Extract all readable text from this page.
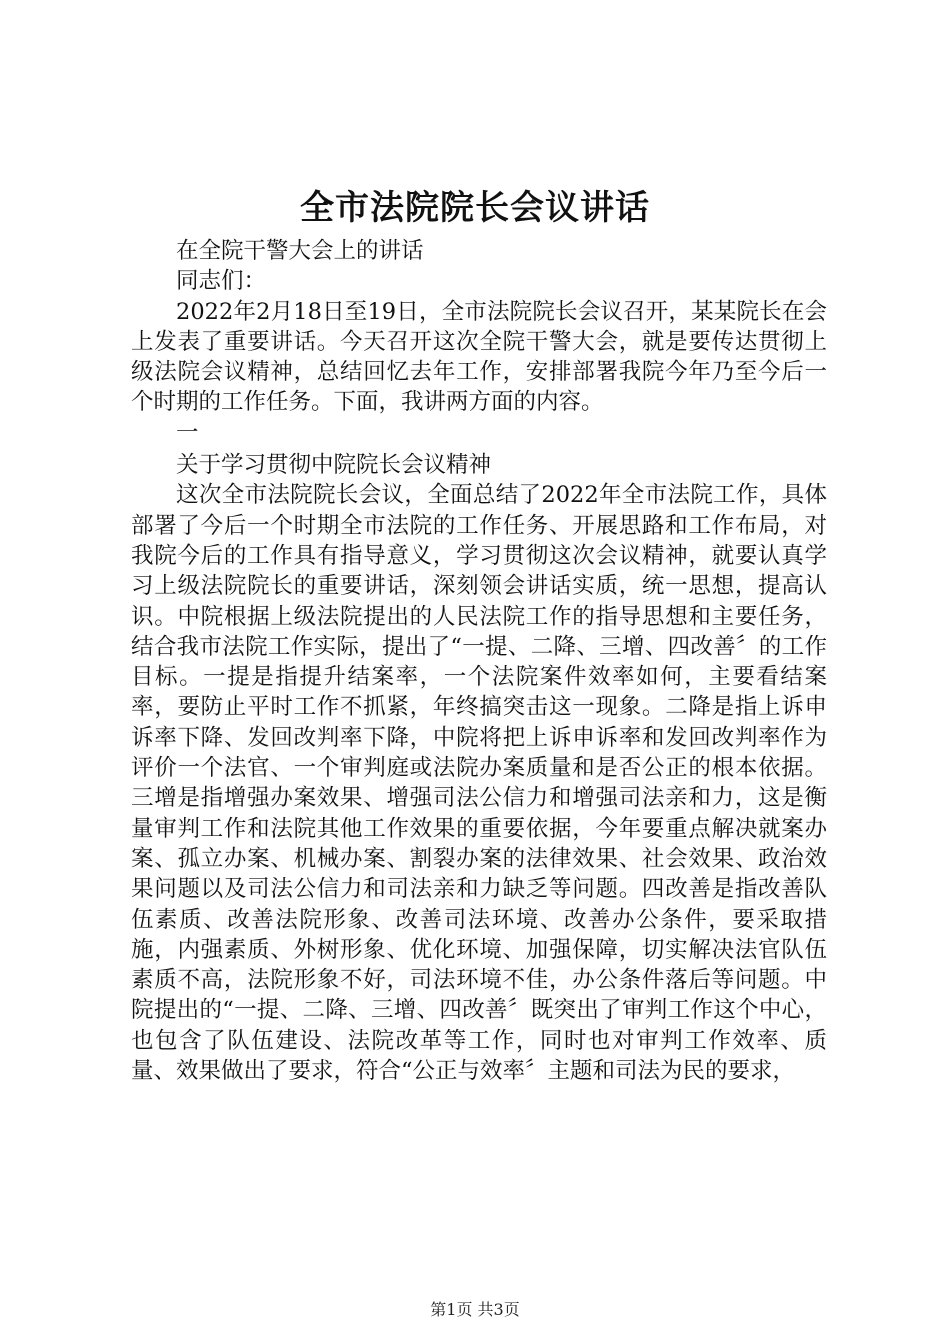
全市法院院长会议讲话

在全院干警大会上的讲话

同志们：

2022年2月18日至19日，全市法院院长会议召开，某某院长在会上发表了重要讲话。今天召开这次全院干警大会，就是要传达贯彻上级法院会议精神，总结回忆去年工作，安排部署我院今年乃至今后一个时期的工作任务。下面，我讲两方面的内容。

一

关于学习贯彻中院院长会议精神

这次全市法院院长会议，全面总结了2022年全市法院工作，具体部署了今后一个时期全市法院的工作任务、开展思路和工作布局，对我院今后的工作具有指导意义，学习贯彻这次会议精神，就要认真学习上级法院院长的重要讲话，深刻领会讲话实质，统一思想，提高认识。中院根据上级法院提出的人民法院工作的指导思想和主要任务，结合我市法院工作实际，提出了“一提、二降、三增、四改善〞的工作目标。一提是指提升结案率，一个法院案件效率如何，主要看结案率，要防止平时工作不抓紧，年终搞突击这一现象。二降是指上诉申诉率下降、发回改判率下降，中院将把上诉申诉率和发回改判率作为评价一个法官、一个审判庭或法院办案质量和是否公正的根本依据。三增是指增强办案效果、增强司法公信力和增强司法亲和力，这是衡量审判工作和法院其他工作效果的重要依据，今年要重点解决就案办案、孤立办案、机械办案、割裂办案的法律效果、社会效果、政治效果问题以及司法公信力和司法亲和力缺乏等问题。四改善是指改善队伍素质、改善法院形象、改善司法环境、改善办公条件，要采取措施，内强素质、外树形象、优化环境、加强保障，切实解决法官队伍素质不高，法院形象不好，司法环境不佳，办公条件落后等问题。中院提出的“一提、二降、三增、四改善〞既突出了审判工作这个中心，也包含了队伍建设、法院改革等工作，同时也对审判工作效率、质量、效果做出了要求，符合“公正与效率〞主题和司法为民的要求，

第1页 共3页
